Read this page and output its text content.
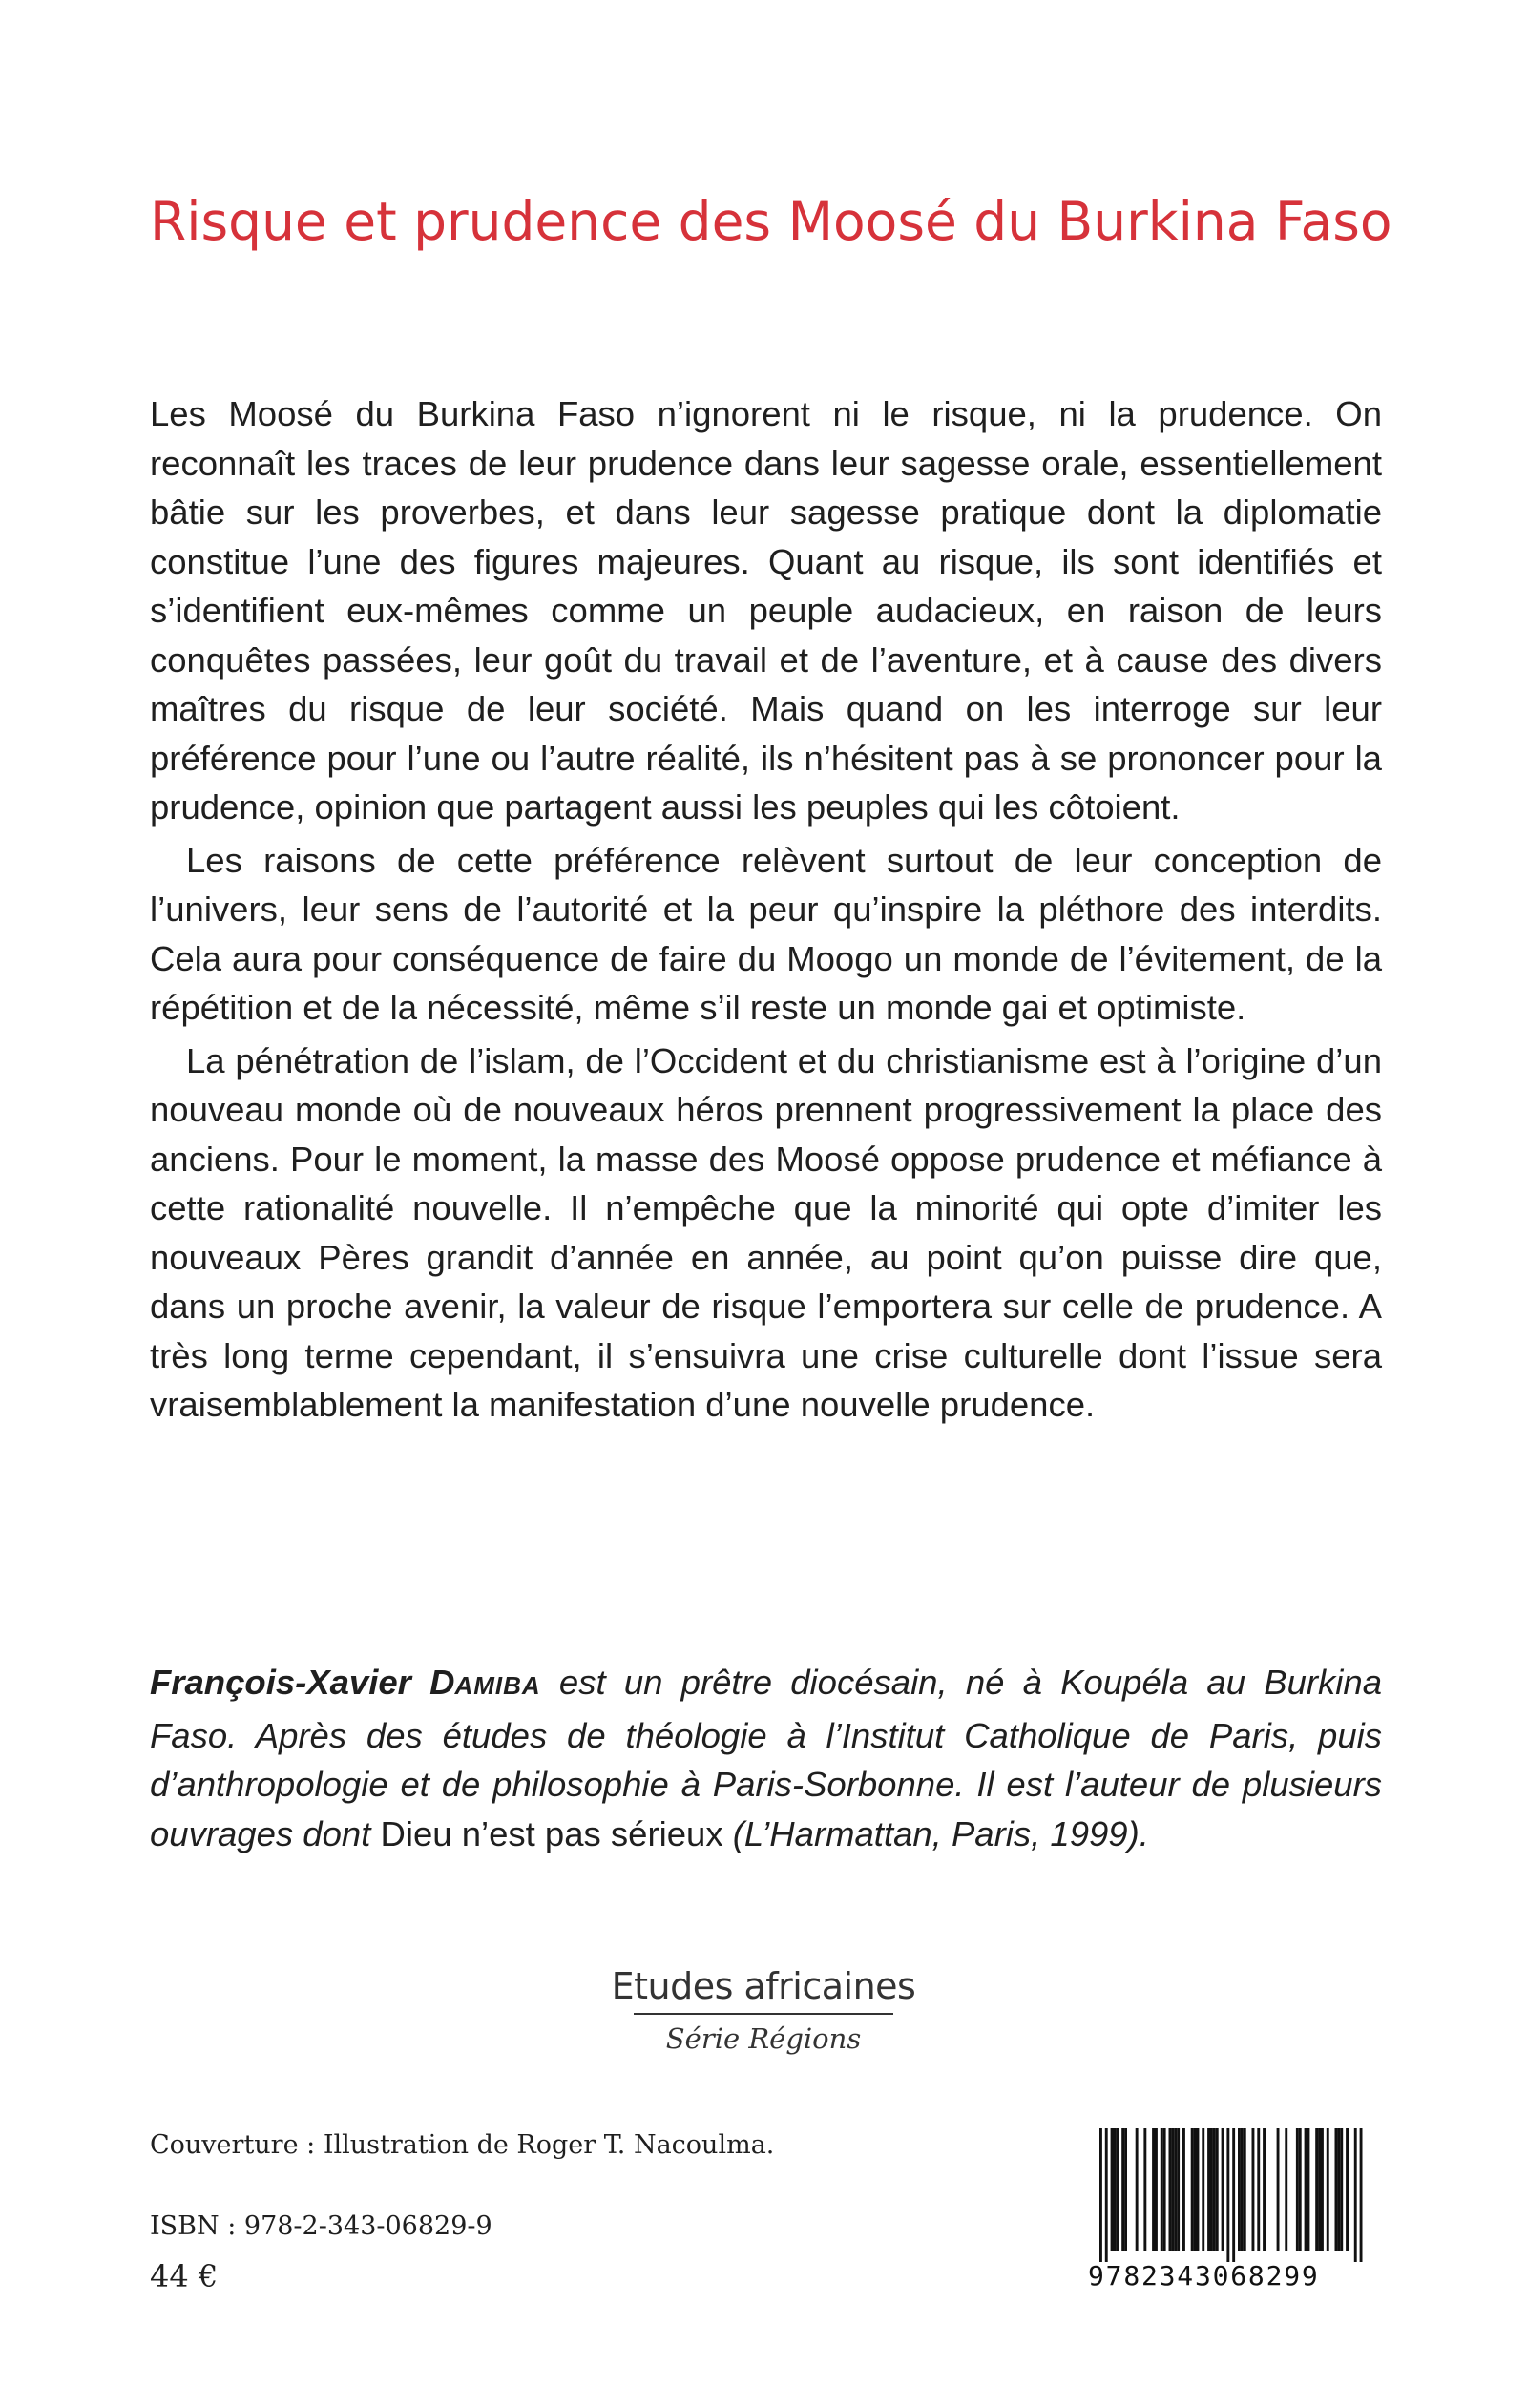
Risque et prudence des Moosé du Burkina Faso

Les Moosé du Burkina Faso n’ignorent ni le risque, ni la prudence. On reconnaît les traces de leur prudence dans leur sagesse orale, essentiellement bâtie sur les proverbes, et dans leur sagesse pratique dont la diplomatie constitue l’une des figures majeures. Quant au risque, ils sont identifiés et s’identifient eux-mêmes comme un peuple audacieux, en raison de leurs conquêtes passées, leur goût du travail et de l’aventure, et à cause des divers maîtres du risque de leur société. Mais quand on les interroge sur leur préférence pour l’une ou l’autre réalité, ils n’hésitent pas à se prononcer pour la prudence, opinion que partagent aussi les peuples qui les côtoient.

Les raisons de cette préférence relèvent surtout de leur conception de l’univers, leur sens de l’autorité et la peur qu’inspire la pléthore des interdits. Cela aura pour conséquence de faire du Moogo un monde de l’évitement, de la répétition et de la nécessité, même s’il reste un monde gai et optimiste.

La pénétration de l’islam, de l’Occident et du christianisme est à l’origine d’un nouveau monde où de nouveaux héros prennent progressivement la place des anciens. Pour le moment, la masse des Moosé oppose prudence et méfiance à cette rationalité nouvelle. Il n’empêche que la minorité qui opte d’imiter les nouveaux Pères grandit d’année en année, au point qu’on puisse dire que, dans un proche avenir, la valeur de risque l’emportera sur celle de prudence. A très long terme cependant, il s’ensuivra une crise culturelle dont l’issue sera vraisemblablement la manifestation d’une nouvelle prudence.

François-Xavier DAMIBA est un prêtre diocésain, né à Koupéla au Burkina Faso. Après des études de théologie à l’Institut Catholique de Paris, puis d’anthropologie et de philosophie à Paris-Sorbonne. Il est l’auteur de plusieurs ouvrages dont Dieu n’est pas sérieux (L’Harmattan, Paris, 1999).
Etudes africaines
Série Régions
Couverture : Illustration de Roger T. Nacoulma.
ISBN : 978-2-343-06829-9
44 €	9782343068299
